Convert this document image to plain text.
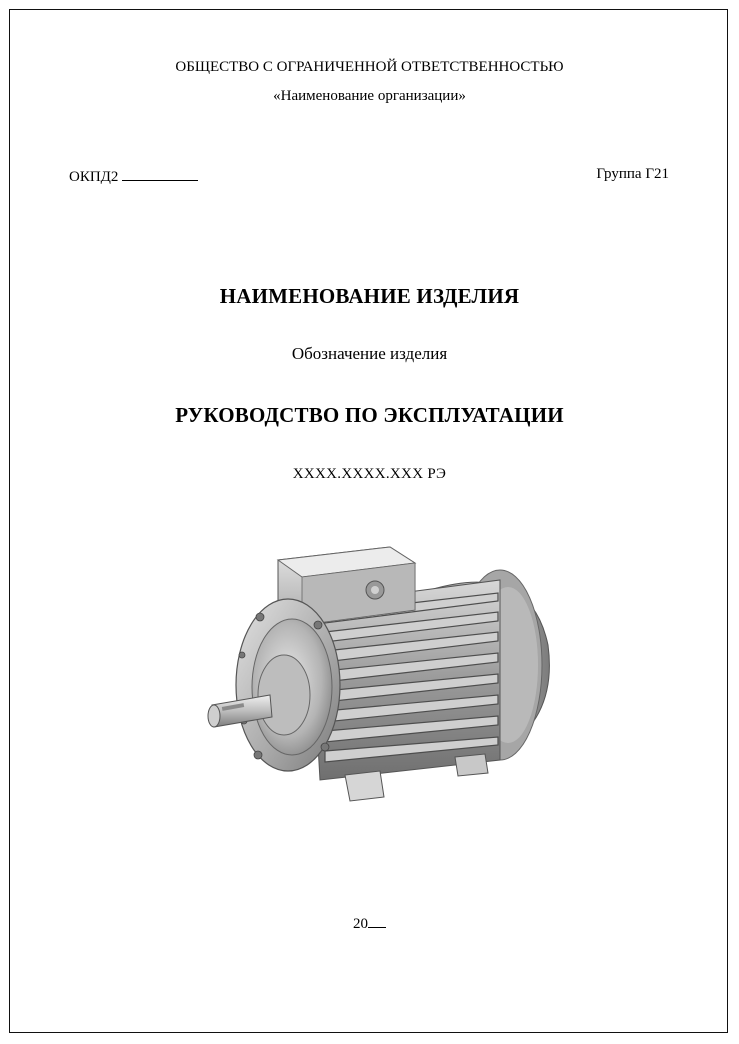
ОБЩЕСТВО С ОГРАНИЧЕННОЙ ОТВЕТСТВЕННОСТЬЮ
«Наименование организации»
ОКПД2	Группа Г21
НАИМЕНОВАНИЕ ИЗДЕЛИЯ
Обозначение изделия
РУКОВОДСТВО ПО ЭКСПЛУАТАЦИИ
ХХХХ.ХХХХ.ХХХ РЭ
20
